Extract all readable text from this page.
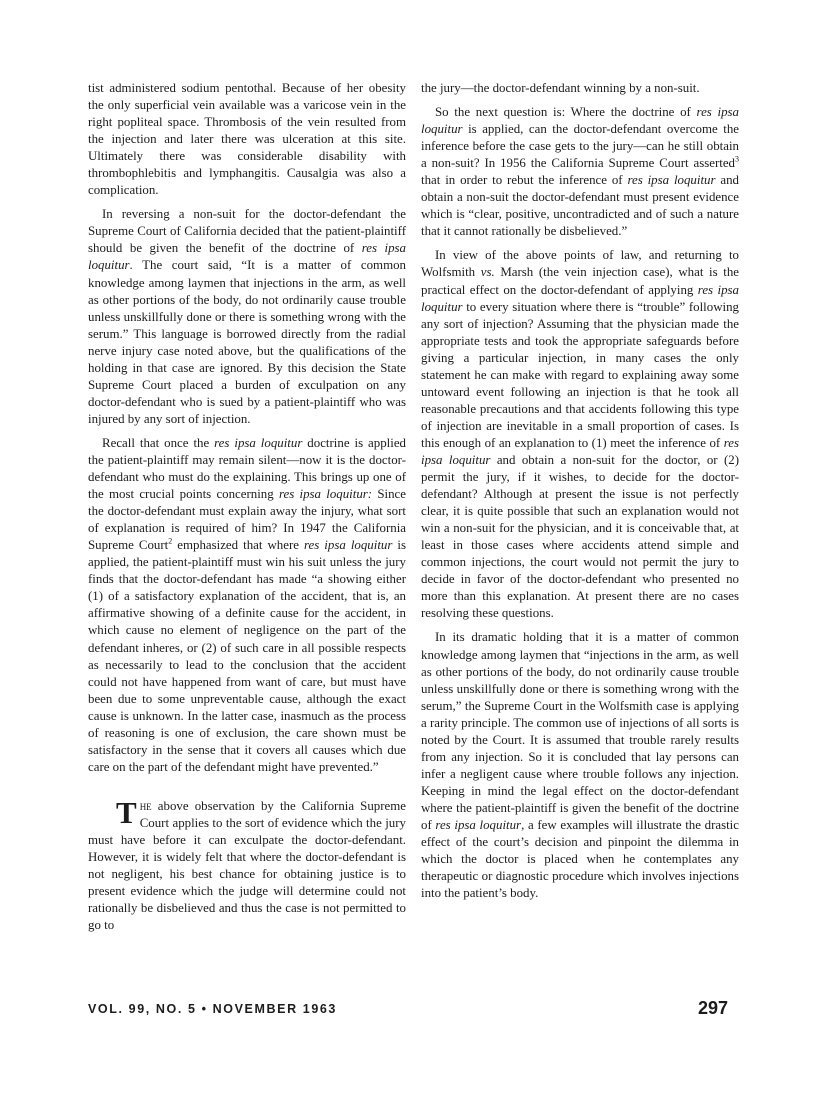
tist administered sodium pentothal. Because of her obesity the only superficial vein available was a varicose vein in the right popliteal space. Thrombosis of the vein resulted from the injection and later there was ulceration at this site. Ultimately there was considerable disability with thrombophlebitis and lymphangitis. Causalgia was also a complication.

In reversing a non-suit for the doctor-defendant the Supreme Court of California decided that the patient-plaintiff should be given the benefit of the doctrine of res ipsa loquitur. The court said, “It is a matter of common knowledge among laymen that injections in the arm, as well as other portions of the body, do not ordinarily cause trouble unless unskillfully done or there is something wrong with the serum.” This language is borrowed directly from the radial nerve injury case noted above, but the qualifications of the holding in that case are ignored. By this decision the State Supreme Court placed a burden of exculpation on any doctor-defendant who is sued by a patient-plaintiff who was injured by any sort of injection.

Recall that once the res ipsa loquitur doctrine is applied the patient-plaintiff may remain silent—now it is the doctor-defendant who must do the explaining. This brings up one of the most crucial points concerning res ipsa loquitur: Since the doctor-defendant must explain away the injury, what sort of explanation is required of him? In 1947 the California Supreme Court$^2$ emphasized that where res ipsa loquitur is applied, the patient-plaintiff must win his suit unless the jury finds that the doctor-defendant has made “a showing either (1) of a satisfactory explanation of the accident, that is, an affirmative showing of a definite cause for the accident, in which cause no element of negligence on the part of the defendant inheres, or (2) of such care in all possible respects as necessarily to lead to the conclusion that the accident could not have happened from want of care, but must have been due to some unpreventable cause, although the exact cause is unknown. In the latter case, inasmuch as the process of reasoning is one of exclusion, the care shown must be satisfactory in the sense that it covers all causes which due care on the part of the defendant might have prevented.”

The above observation by the California Supreme Court applies to the sort of evidence which the jury must have before it can exculpate the doctor-defendant. However, it is widely felt that where the doctor-defendant is not negligent, his best chance for obtaining justice is to present evidence which the judge will determine could not rationally be disbelieved and thus the case is not permitted to go to

the jury—the doctor-defendant winning by a non-suit.

So the next question is: Where the doctrine of res ipsa loquitur is applied, can the doctor-defendant overcome the inference before the case gets to the jury—can he still obtain a non-suit? In 1956 the California Supreme Court asserted$^3$ that in order to rebut the inference of res ipsa loquitur and obtain a non-suit the doctor-defendant must present evidence which is “clear, positive, uncontradicted and of such a nature that it cannot rationally be disbelieved.”

In view of the above points of law, and returning to Wolfsmith vs. Marsh (the vein injection case), what is the practical effect on the doctor-defendant of applying res ipsa loquitur to every situation where there is “trouble” following any sort of injection? Assuming that the physician made the appropriate tests and took the appropriate safeguards before giving a particular injection, in many cases the only statement he can make with regard to explaining away some untoward event following an injection is that he took all reasonable precautions and that accidents following this type of injection are inevitable in a small proportion of cases. Is this enough of an explanation to (1) meet the inference of res ipsa loquitur and obtain a non-suit for the doctor, or (2) permit the jury, if it wishes, to decide for the doctor-defendant? Although at present the issue is not perfectly clear, it is quite possible that such an explanation would not win a non-suit for the physician, and it is conceivable that, at least in those cases where accidents attend simple and common injections, the court would not permit the jury to decide in favor of the doctor-defendant who presented no more than this explanation. At present there are no cases resolving these questions.

In its dramatic holding that it is a matter of common knowledge among laymen that “injections in the arm, as well as other portions of the body, do not ordinarily cause trouble unless unskillfully done or there is something wrong with the serum,” the Supreme Court in the Wolfsmith case is applying a rarity principle. The common use of injections of all sorts is noted by the Court. It is assumed that trouble rarely results from any injection. So it is concluded that lay persons can infer a negligent cause where trouble follows any injection. Keeping in mind the legal effect on the doctor-defendant where the patient-plaintiff is given the benefit of the doctrine of res ipsa loquitur, a few examples will illustrate the drastic effect of the court’s decision and pinpoint the dilemma in which the doctor is placed when he contemplates any therapeutic or diagnostic procedure which involves injections into the patient’s body.

VOL. 99, NO. 5 • NOVEMBER 1963	297
